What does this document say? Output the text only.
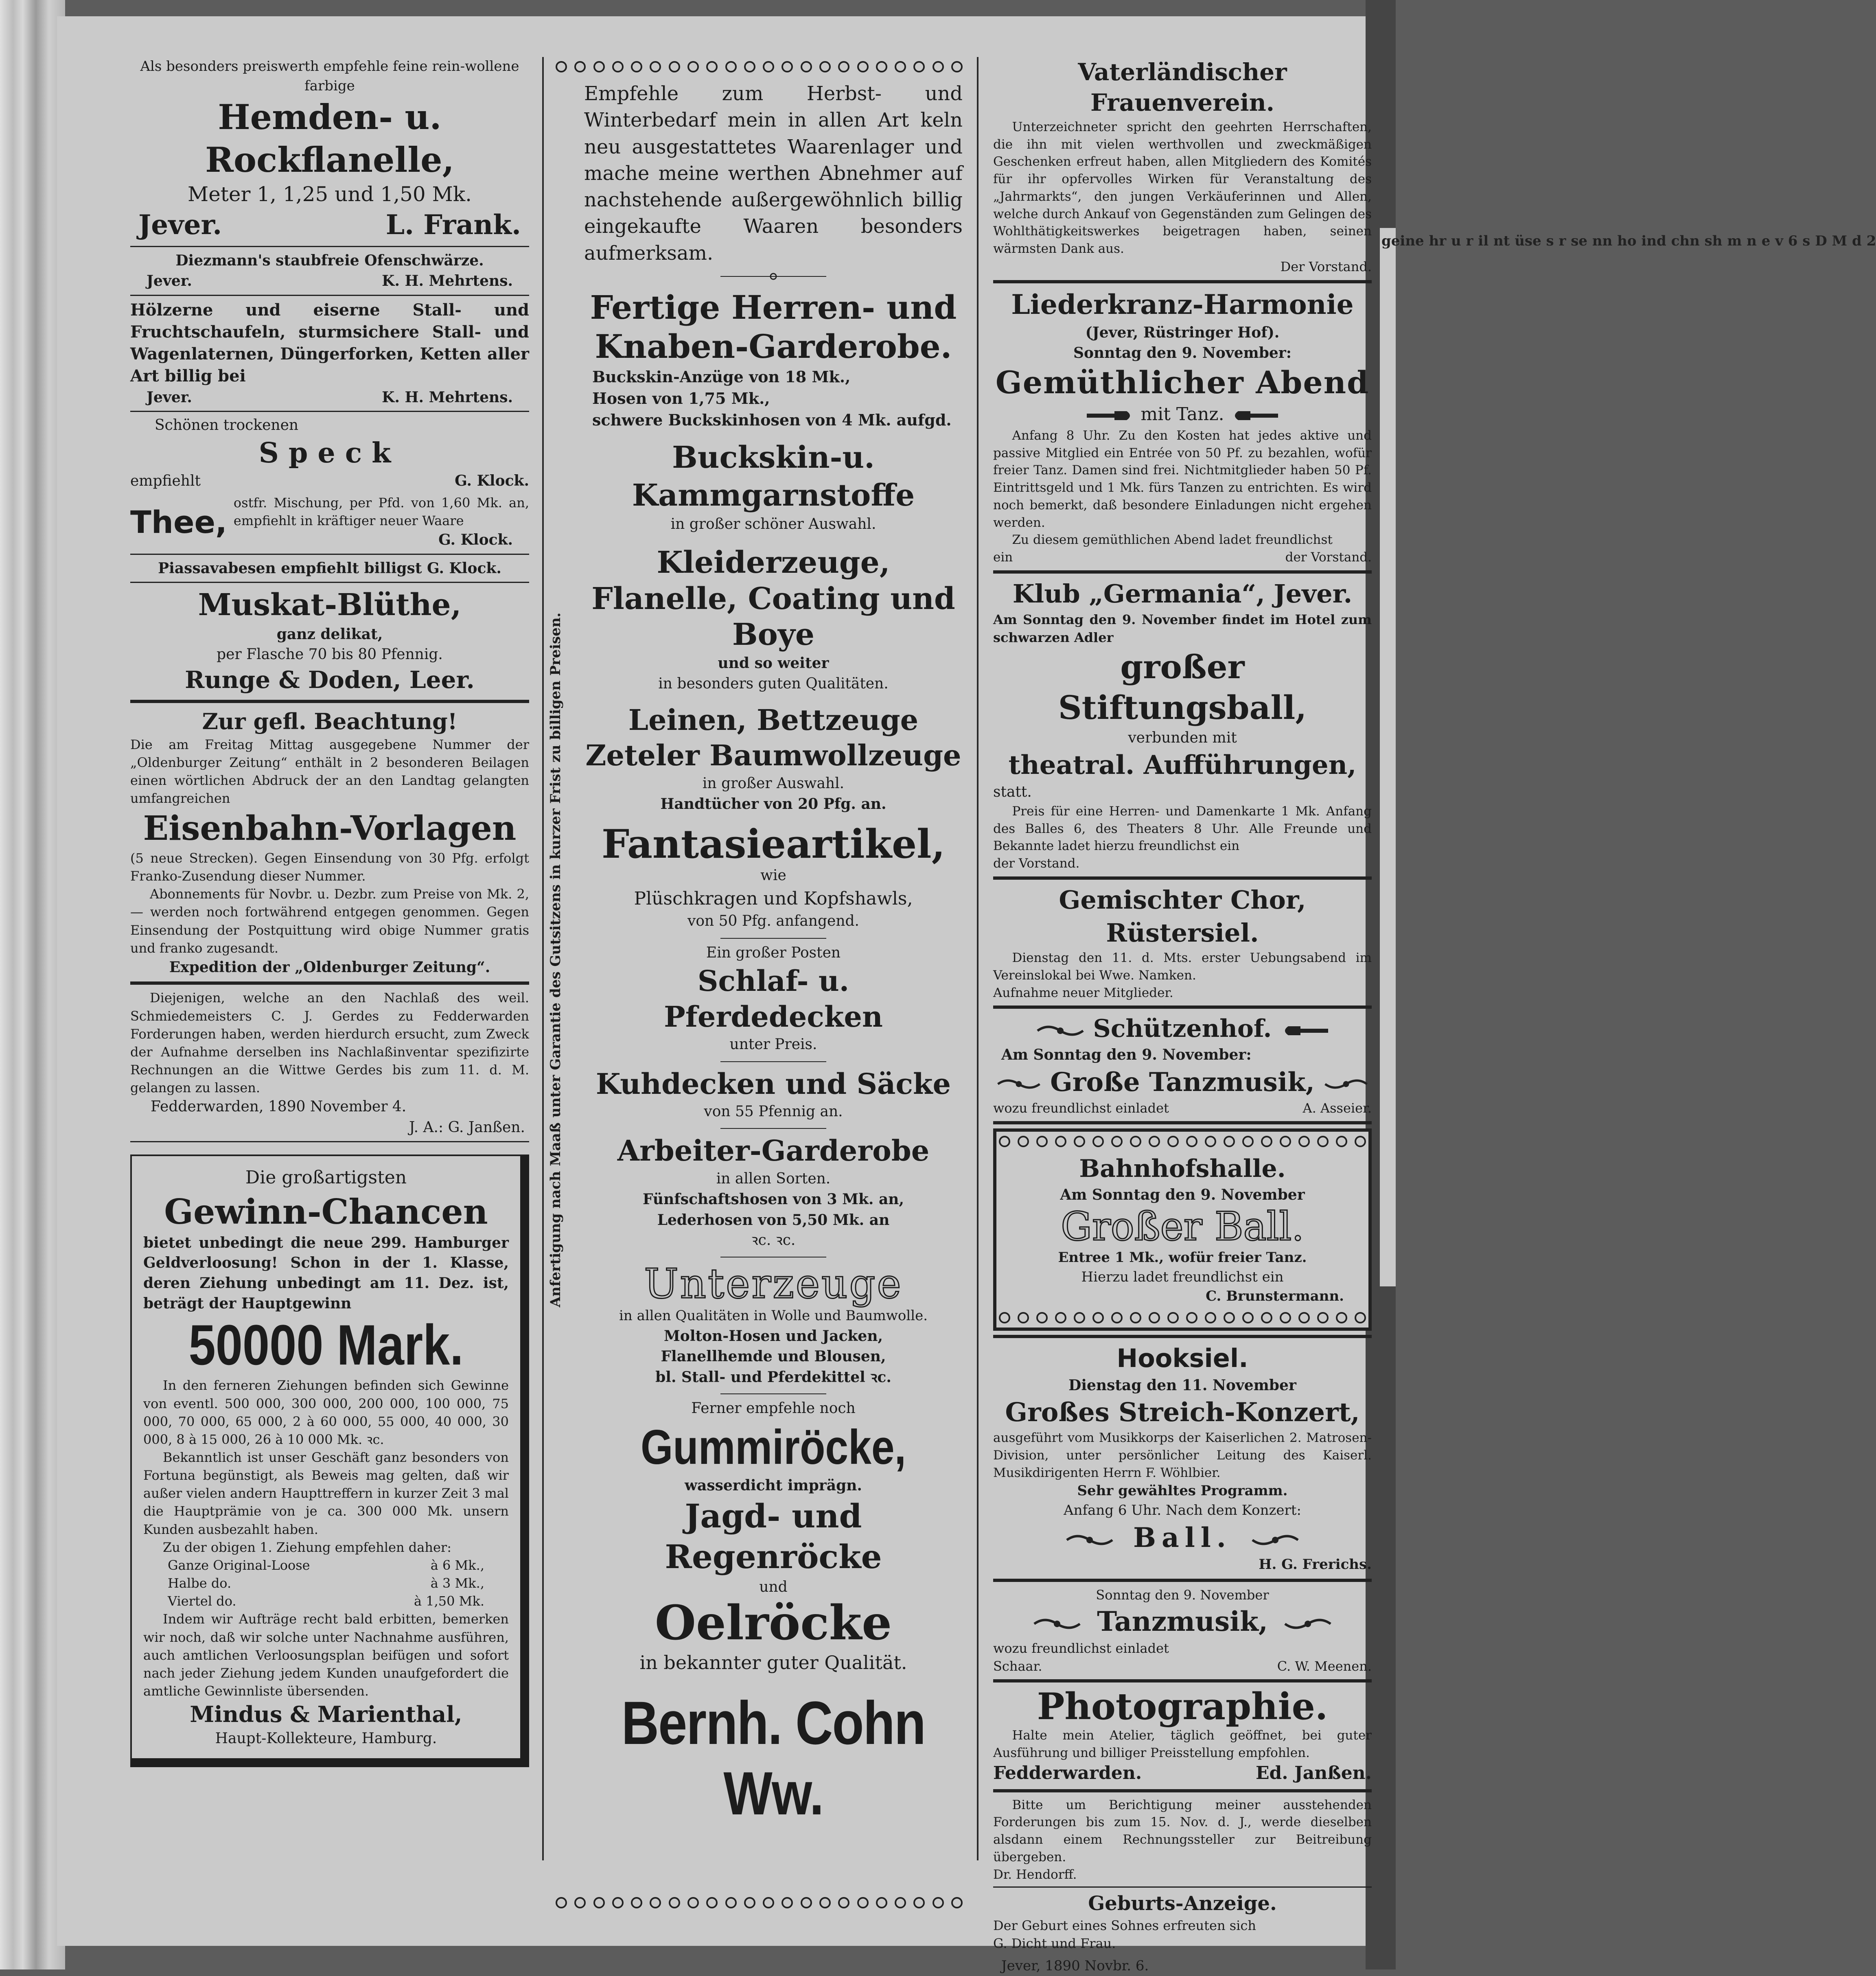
geine hr u r il nt üse s r se nn ho ind chn sh m n e v 6 s D M d 2
Als besonders preiswerth empfehle feine rein-wollene farbige
Hemden- u. Rockflanelle,
Meter 1, 1,25 und 1,50 Mk.
Jever.	L. Frank.
Diezmann's staubfreie Ofenschwärze.
Jever.	K. H. Mehrtens.
Hölzerne und eiserne Stall- und Fruchtschaufeln, sturmsichere Stall- und Wagenlaternen, Düngerforken, Ketten aller Art billig bei
Jever.	K. H. Mehrtens.
Schönen trockenen
Speck
empfiehlt	G. Klock.
Thee,
ostfr. Mischung, per Pfd. von 1,60 Mk. an, empfiehlt in kräftiger neuer Waare
G. Klock.
Piassavabesen empfiehlt billigst G. Klock.
Muskat-Blüthe,
ganz delikat,
per Flasche 70 bis 80 Pfennig.
Runge & Doden, Leer.
Zur gefl. Beachtung!
Die am Freitag Mittag ausgegebene Nummer der „Oldenburger Zeitung“ enthält in 2 besonderen Beilagen einen wörtlichen Abdruck der an den Landtag gelangten umfangreichen
Eisenbahn-Vorlagen
(5 neue Strecken). Gegen Einsendung von 30 Pfg. erfolgt Franko-Zusendung dieser Nummer.
Abonnements für Novbr. u. Dezbr. zum Preise von Mk. 2,— werden noch fortwährend entgegen genommen. Gegen Einsendung der Postquittung wird obige Nummer gratis und franko zugesandt.
Expedition der „Oldenburger Zeitung“.
Diejenigen, welche an den Nachlaß des weil. Schmiedemeisters C. J. Gerdes zu Fedderwarden Forderungen haben, werden hierdurch ersucht, zum Zweck der Aufnahme derselben ins Nachlaßinventar spezifizirte Rechnungen an die Wittwe Gerdes bis zum 11. d. M. gelangen zu lassen.
Fedderwarden, 1890 November 4.
J. A.: G. Janßen.
Die großartigsten
Gewinn-Chancen
bietet unbedingt die neue 299. Hamburger Geldverloosung! Schon in der 1. Klasse, deren Ziehung unbedingt am 11. Dez. ist, beträgt der Hauptgewinn
50000 Mark.
In den ferneren Ziehungen befinden sich Gewinne von eventl. 500 000, 300 000, 200 000, 100 000, 75 000, 70 000, 65 000, 2 à 60 000, 55 000, 40 000, 30 000, 8 à 15 000, 26 à 10 000 Mk. ꝛc.
Bekanntlich ist unser Geschäft ganz besonders von Fortuna begünstigt, als Beweis mag gelten, daß wir außer vielen andern Haupttreffern in kurzer Zeit 3 mal die Hauptprämie von je ca. 300 000 Mk. unsern Kunden ausbezahlt haben.
Zu der obigen 1. Ziehung empfehlen daher:
Ganze Original-Loose	à 6 Mk.,
Halbe do.	à 3 Mk.,
Viertel do.	à 1,50 Mk.
Indem wir Aufträge recht bald erbitten, bemerken wir noch, daß wir solche unter Nachnahme ausführen, auch amtlichen Verloosungsplan beifügen und sofort nach jeder Ziehung jedem Kunden unaufgefordert die amtliche Gewinnliste übersenden.
Mindus & Marienthal,
Haupt-Kollekteure, Hamburg.
Anfertigung nach Maaß unter Garantie des Gutsitzens in kurzer Frist zu billigen Preisen.
Empfehle zum Herbst- und Winterbedarf mein in allen Art keln neu ausgestattetes Waarenlager und mache meine werthen Abnehmer auf nachstehende außergewöhnlich billig eingekaufte Waaren besonders aufmerksam.
Fertige Herren- und Knaben-Garderobe.
Buckskin-Anzüge von 18 Mk.,
Hosen von 1,75 Mk.,
schwere Buckskinhosen von 4 Mk. aufgd.
Buckskin-u. Kammgarnstoffe
in großer schöner Auswahl.
Kleiderzeuge, Flanelle, Coating und Boye
und so weiter
in besonders guten Qualitäten.
Leinen, Bettzeuge
Zeteler Baumwollzeuge
in großer Auswahl.
Handtücher von 20 Pfg. an.
Fantasieartikel,
wie
Plüschkragen und Kopfshawls,
von 50 Pfg. anfangend.
Ein großer Posten
Schlaf- u. Pferdedecken
unter Preis.
Kuhdecken und Säcke
von 55 Pfennig an.
Arbeiter-Garderobe
in allen Sorten.
Fünfschaftshosen von 3 Mk. an,
Lederhosen von 5,50 Mk. an
ꝛc. ꝛc.
Unterzeuge
in allen Qualitäten in Wolle und Baumwolle.
Molton-Hosen und Jacken,
Flanellhemde und Blousen,
bl. Stall- und Pferdekittel ꝛc.
Ferner empfehle noch
Gummiröcke,
wasserdicht imprägn.
Jagd- und Regenröcke
und
Oelröcke
in bekannter guter Qualität.
Bernh. Cohn Ww.
Vaterländischer Frauenverein.
Unterzeichneter spricht den geehrten Herrschaften, die ihn mit vielen werthvollen und zweckmäßigen Geschenken erfreut haben, allen Mitgliedern des Komités für ihr opfervolles Wirken für Veranstaltung des „Jahrmarkts“, den jungen Verkäuferinnen und Allen, welche durch Ankauf von Gegenständen zum Gelingen des Wohlthätigkeitswerkes beigetragen haben, seinen wärmsten Dank aus.
Der Vorstand.
Liederkranz-Harmonie
(Jever, Rüstringer Hof).
Sonntag den 9. November:
Gemüthlicher Abend
mit Tanz.
Anfang 8 Uhr. Zu den Kosten hat jedes aktive und passive Mitglied ein Entrée von 50 Pf. zu bezahlen, wofür freier Tanz. Damen sind frei. Nichtmitglieder haben 50 Pf. Eintrittsgeld und 1 Mk. fürs Tanzen zu entrichten. Es wird noch bemerkt, daß besondere Einladungen nicht ergehen werden.
Zu diesem gemüthlichen Abend ladet freundlichst
ein	der Vorstand.
Klub „Germania“, Jever.
Am Sonntag den 9. November findet im Hotel zum schwarzen Adler
großer Stiftungsball,
verbunden mit
theatral. Aufführungen,
statt.
Preis für eine Herren- und Damenkarte 1 Mk. Anfang des Balles 6, des Theaters 8 Uhr. Alle Freunde und Bekannte ladet hierzu freundlichst ein
der Vorstand.
Gemischter Chor, Rüstersiel.
Dienstag den 11. d. Mts. erster Uebungsabend im Vereinslokal bei Wwe. Namken.
Aufnahme neuer Mitglieder.
Schützenhof.
Am Sonntag den 9. November:
Große Tanzmusik,
wozu freundlichst einladet	A. Asseier.
Bahnhofshalle.
Am Sonntag den 9. November
Großer Ball.
Entree 1 Mk., wofür freier Tanz.
Hierzu ladet freundlichst ein
C. Brunstermann.
Hooksiel.
Dienstag den 11. November
Großes Streich-Konzert,
ausgeführt vom Musikkorps der Kaiserlichen 2. Matrosen-Division, unter persönlicher Leitung des Kaiserl. Musikdirigenten Herrn F. Wöhlbier.
Sehr gewähltes Programm.
Anfang 6 Uhr. Nach dem Konzert:
Ball.
H. G. Frerichs.
Sonntag den 9. November
Tanzmusik,
wozu freundlichst einladet
Schaar.	C. W. Meenen.
Photographie.
Halte mein Atelier, täglich geöffnet, bei guter Ausführung und billiger Preisstellung empfohlen.
Fedderwarden.	Ed. Janßen.
Bitte um Berichtigung meiner ausstehenden Forderungen bis zum 15. Nov. d. J., werde dieselben alsdann einem Rechnungssteller zur Beitreibung übergeben.
Dr. Hendorff.
Geburts-Anzeige.
Der Geburt eines Sohnes erfreuten sich
G. Dicht und Frau.
Jever, 1890 Novbr. 6.
